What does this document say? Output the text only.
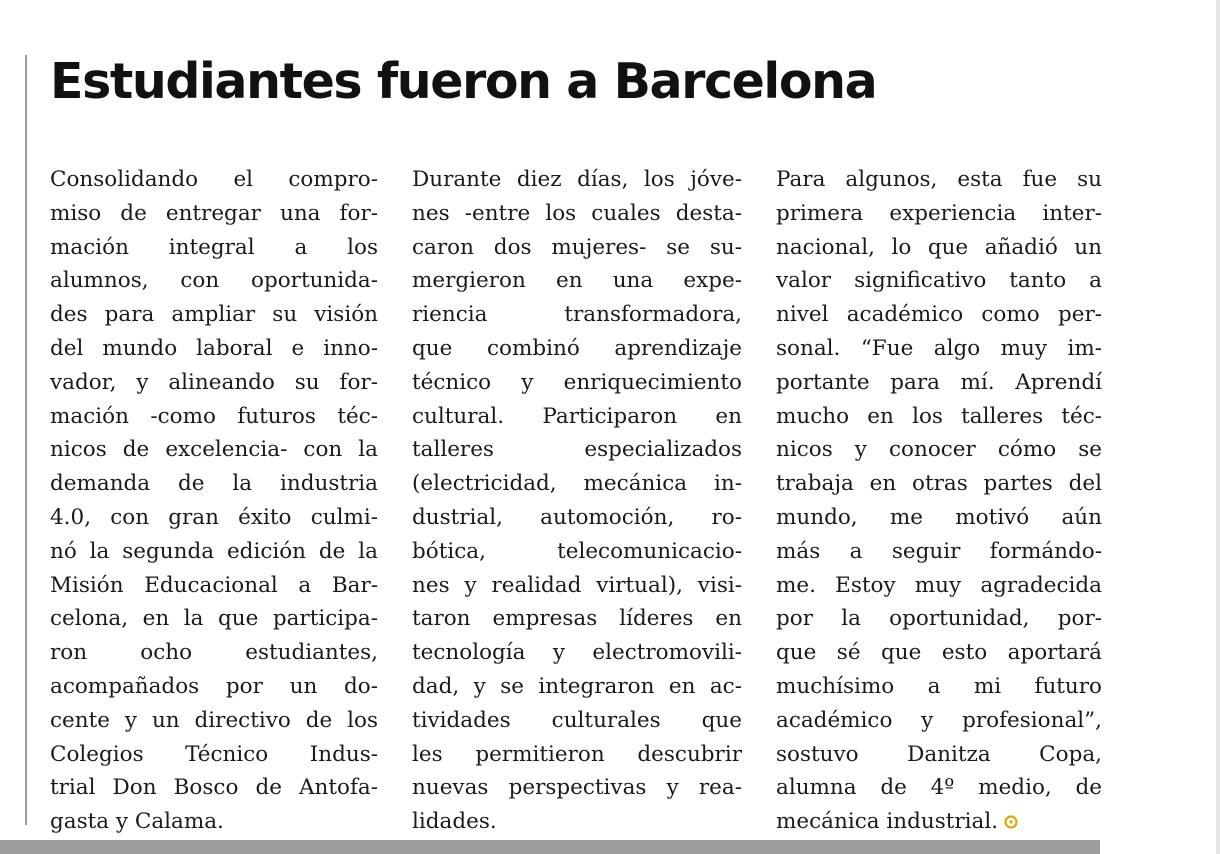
Estudiantes fueron a Barcelona
Consolidando el compro-
miso de entregar una for-
mación integral a los
alumnos, con oportunida-
des para ampliar su visión
del mundo laboral e inno-
vador, y alineando su for-
mación -como futuros téc-
nicos de excelencia- con la
demanda de la industria
4.0, con gran éxito culmi-
nó la segunda edición de la
Misión Educacional a Bar-
celona, en la que participa-
ron ocho estudiantes,
acompañados por un do-
cente y un directivo de los
Colegios Técnico Indus-
trial Don Bosco de Antofa-
gasta y Calama.
Durante diez días, los jóve-
nes -entre los cuales desta-
caron dos mujeres- se su-
mergieron en una expe-
riencia transformadora,
que combinó aprendizaje
técnico y enriquecimiento
cultural. Participaron en
talleres especializados
(electricidad, mecánica in-
dustrial, automoción, ro-
bótica, telecomunicacio-
nes y realidad virtual), visi-
taron empresas líderes en
tecnología y electromovili-
dad, y se integraron en ac-
tividades culturales que
les permitieron descubrir
nuevas perspectivas y rea-
lidades.
Para algunos, esta fue su
primera experiencia inter-
nacional, lo que añadió un
valor significativo tanto a
nivel académico como per-
sonal. “Fue algo muy im-
portante para mí. Aprendí
mucho en los talleres téc-
nicos y conocer cómo se
trabaja en otras partes del
mundo, me motivó aún
más a seguir formándo-
me. Estoy muy agradecida
por la oportunidad, por-
que sé que esto aportará
muchísimo a mi futuro
académico y profesional”,
sostuvo Danitza Copa,
alumna de 4º medio, de
mecánica industrial.
